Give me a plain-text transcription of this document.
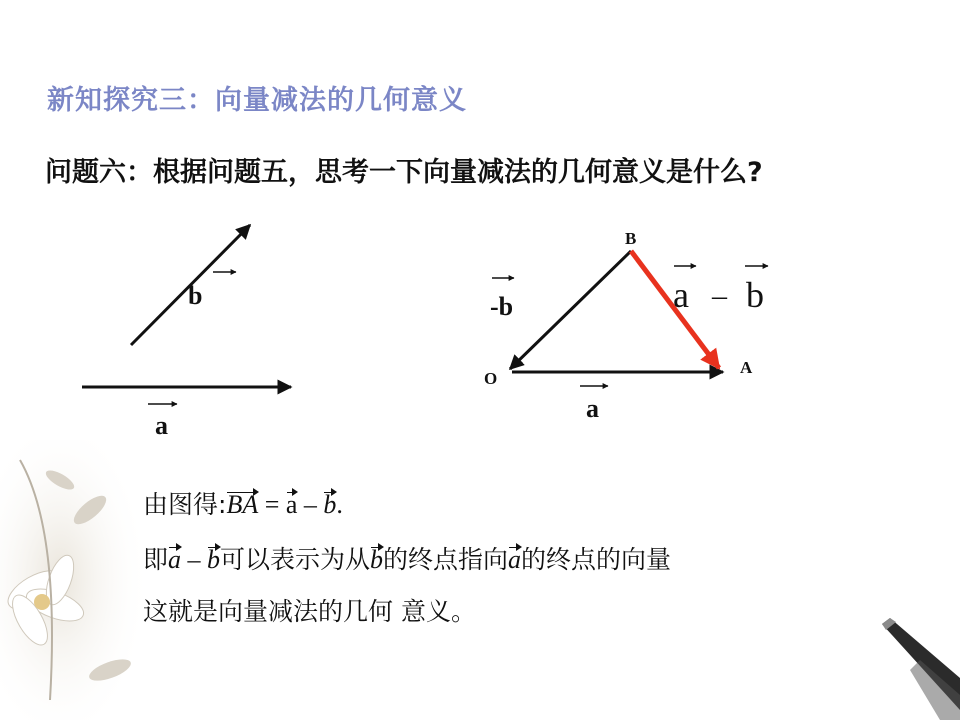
新知探究三：向量减法的几何意义
问题六：根据问题五，思考一下向量减法的几何意义是什么?
b
a
B
A
O
-b
a
a – b
由图得:BA = a – b.
即a – b可以表示为从b的终点指向a的终点的向量
这就是向量减法的几何 意义。
